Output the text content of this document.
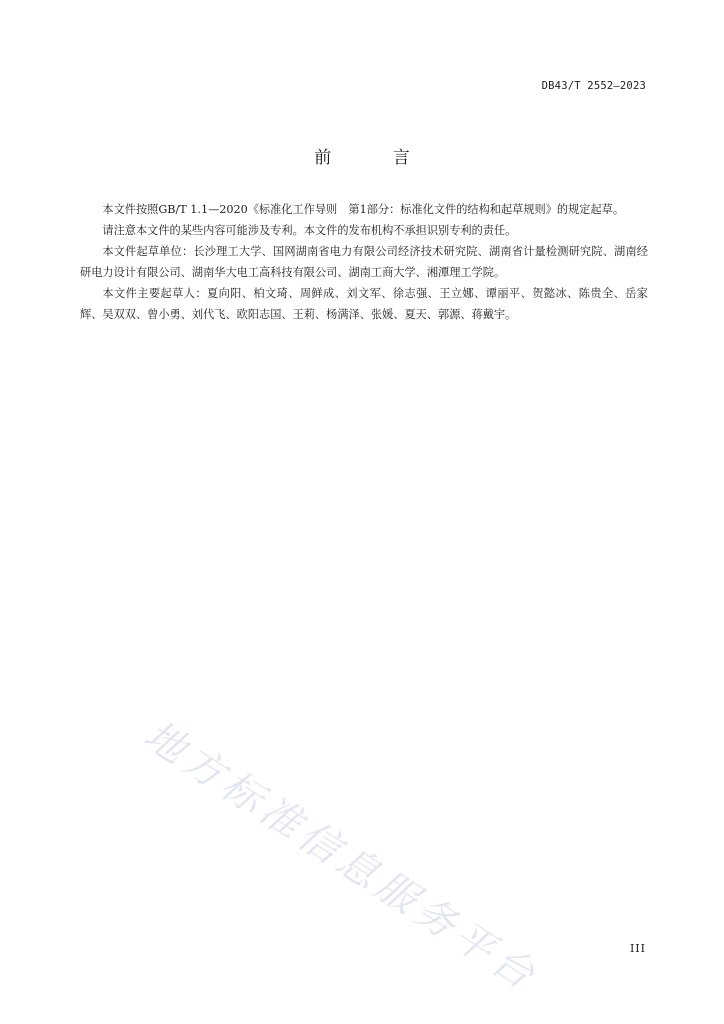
DB43/T 2552—2023
前 言

本文件按照GB/T 1.1—2020《标准化工作导则　第1部分：标准化文件的结构和起草规则》的规定起草。

请注意本文件的某些内容可能涉及专利。本文件的发布机构不承担识别专利的责任。

本文件起草单位：长沙理工大学、国网湖南省电力有限公司经济技术研究院、湖南省计量检测研究院、湖南经研电力设计有限公司、湖南华大电工高科技有限公司、湖南工商大学、湘潭理工学院。

本文件主要起草人：夏向阳、柏文琦、周鲜成、刘文军、徐志强、王立娜、谭丽平、贺懿冰、陈贵全、岳家辉、吴双双、曾小勇、刘代飞、欧阳志国、王莉、杨满泽、张媛、夏天、郭源、蒋戴宇。

地方标准信息服务平台	III
